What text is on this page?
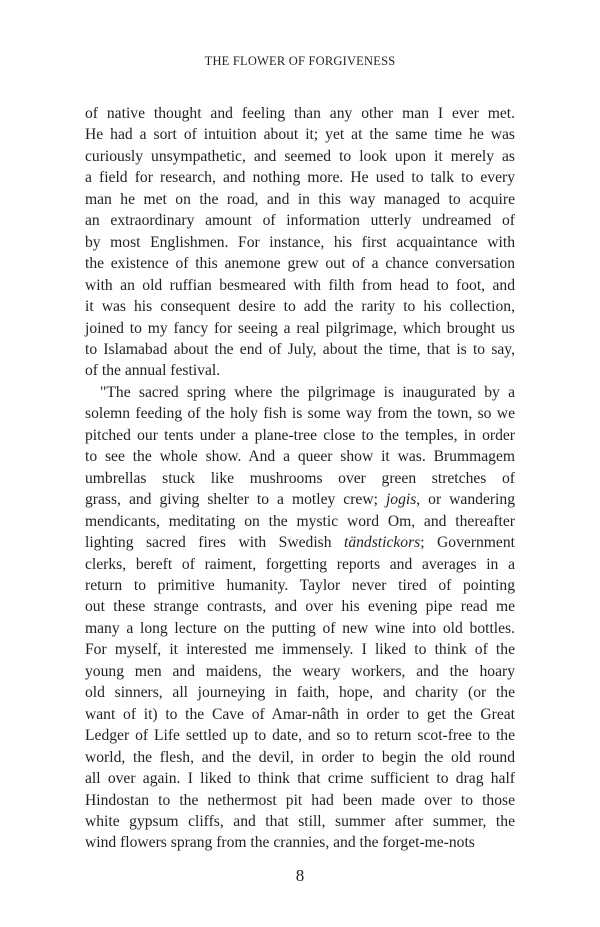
THE FLOWER OF FORGIVENESS
of native thought and feeling than any other man I ever met.
He had a sort of intuition about it; yet at the same time he was
curiously unsympathetic, and seemed to look upon it merely as
a field for research, and nothing more. He used to talk to every
man he met on the road, and in this way managed to acquire
an extraordinary amount of information utterly undreamed of
by most Englishmen. For instance, his first acquaintance with
the existence of this anemone grew out of a chance conversation
with an old ruffian besmeared with filth from head to foot, and
it was his consequent desire to add the rarity to his collection,
joined to my fancy for seeing a real pilgrimage, which brought us
to Islamabad about the end of July, about the time, that is to say,
of the annual festival.
"The sacred spring where the pilgrimage is inaugurated by a
solemn feeding of the holy fish is some way from the town, so we
pitched our tents under a plane-tree close to the temples, in order
to see the whole show. And a queer show it was. Brummagem
umbrellas stuck like mushrooms over green stretches of
grass, and giving shelter to a motley crew; jogis, or wandering
mendicants, meditating on the mystic word Om, and thereafter
lighting sacred fires with Swedish tändstickors; Government
clerks, bereft of raiment, forgetting reports and averages in a
return to primitive humanity. Taylor never tired of pointing
out these strange contrasts, and over his evening pipe read me
many a long lecture on the putting of new wine into old bottles.
For myself, it interested me immensely. I liked to think of the
young men and maidens, the weary workers, and the hoary
old sinners, all journeying in faith, hope, and charity (or the
want of it) to the Cave of Amar-nâth in order to get the Great
Ledger of Life settled up to date, and so to return scot-free to the
world, the flesh, and the devil, in order to begin the old round
all over again. I liked to think that crime sufficient to drag half
Hindostan to the nethermost pit had been made over to those
white gypsum cliffs, and that still, summer after summer, the
wind flowers sprang from the crannies, and the forget-me-nots
8
